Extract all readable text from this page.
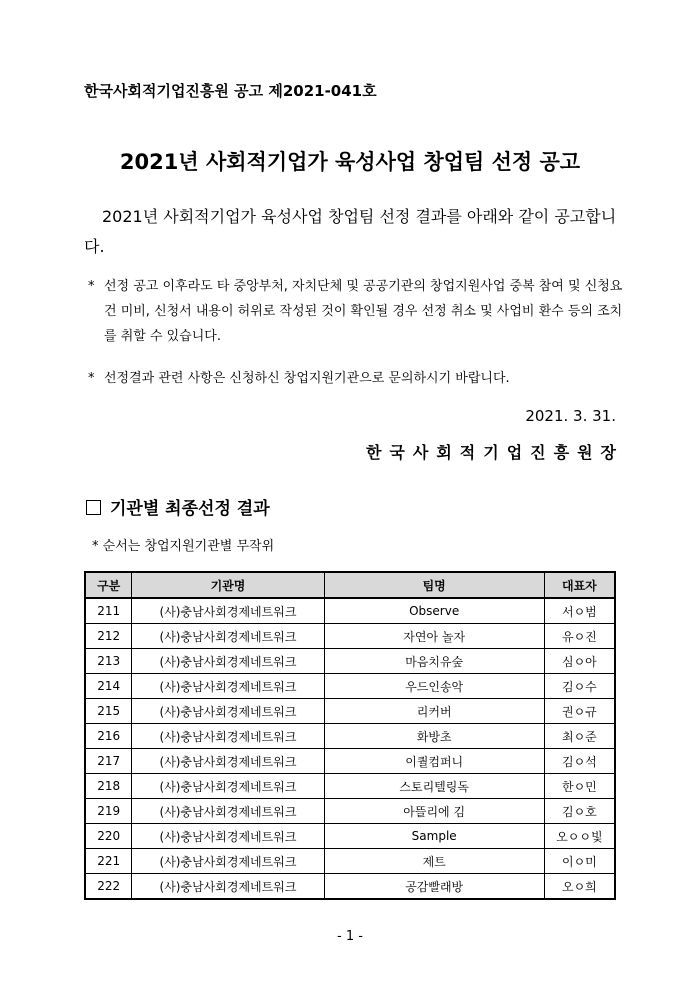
한국사회적기업진흥원 공고 제2021-041호
2021년 사회적기업가 육성사업 창업팀 선정 공고
2021년 사회적기업가 육성사업 창업팀 선정 결과를 아래와 같이 공고합니다.
* 선정 공고 이후라도 타 중앙부처, 자치단체 및 공공기관의 창업지원사업 중복 참여 및 신청요건 미비, 신청서 내용이 허위로 작성된 것이 확인될 경우 선정 취소 및 사업비 환수 등의 조치를 취할 수 있습니다.
* 선정결과 관련 사항은 신청하신 창업지원기관으로 문의하시기 바랍니다.
2021. 3. 31.
한국사회적기업진흥원장
기관별 최종선정 결과
* 순서는 창업지원기관별 무작위
구분	기관명	팀명	대표자
211	(사)충남사회경제네트워크	Observe	서ㅇ범
212	(사)충남사회경제네트워크	자연아 놀자	유ㅇ진
213	(사)충남사회경제네트워크	마음치유숲	심ㅇ아
214	(사)충남사회경제네트워크	우드인송악	김ㅇ수
215	(사)충남사회경제네트워크	리커버	권ㅇ규
216	(사)충남사회경제네트워크	화방초	최ㅇ준
217	(사)충남사회경제네트워크	이퀄컴퍼니	김ㅇ석
218	(사)충남사회경제네트워크	스토리텔링독	한ㅇ민
219	(사)충남사회경제네트워크	아뜰리에 김	김ㅇ호
220	(사)충남사회경제네트워크	Sample	오ㅇㅇ빛
221	(사)충남사회경제네트워크	제트	이ㅇ미
222	(사)충남사회경제네트워크	공감빨래방	오ㅇ희
- 1 -
